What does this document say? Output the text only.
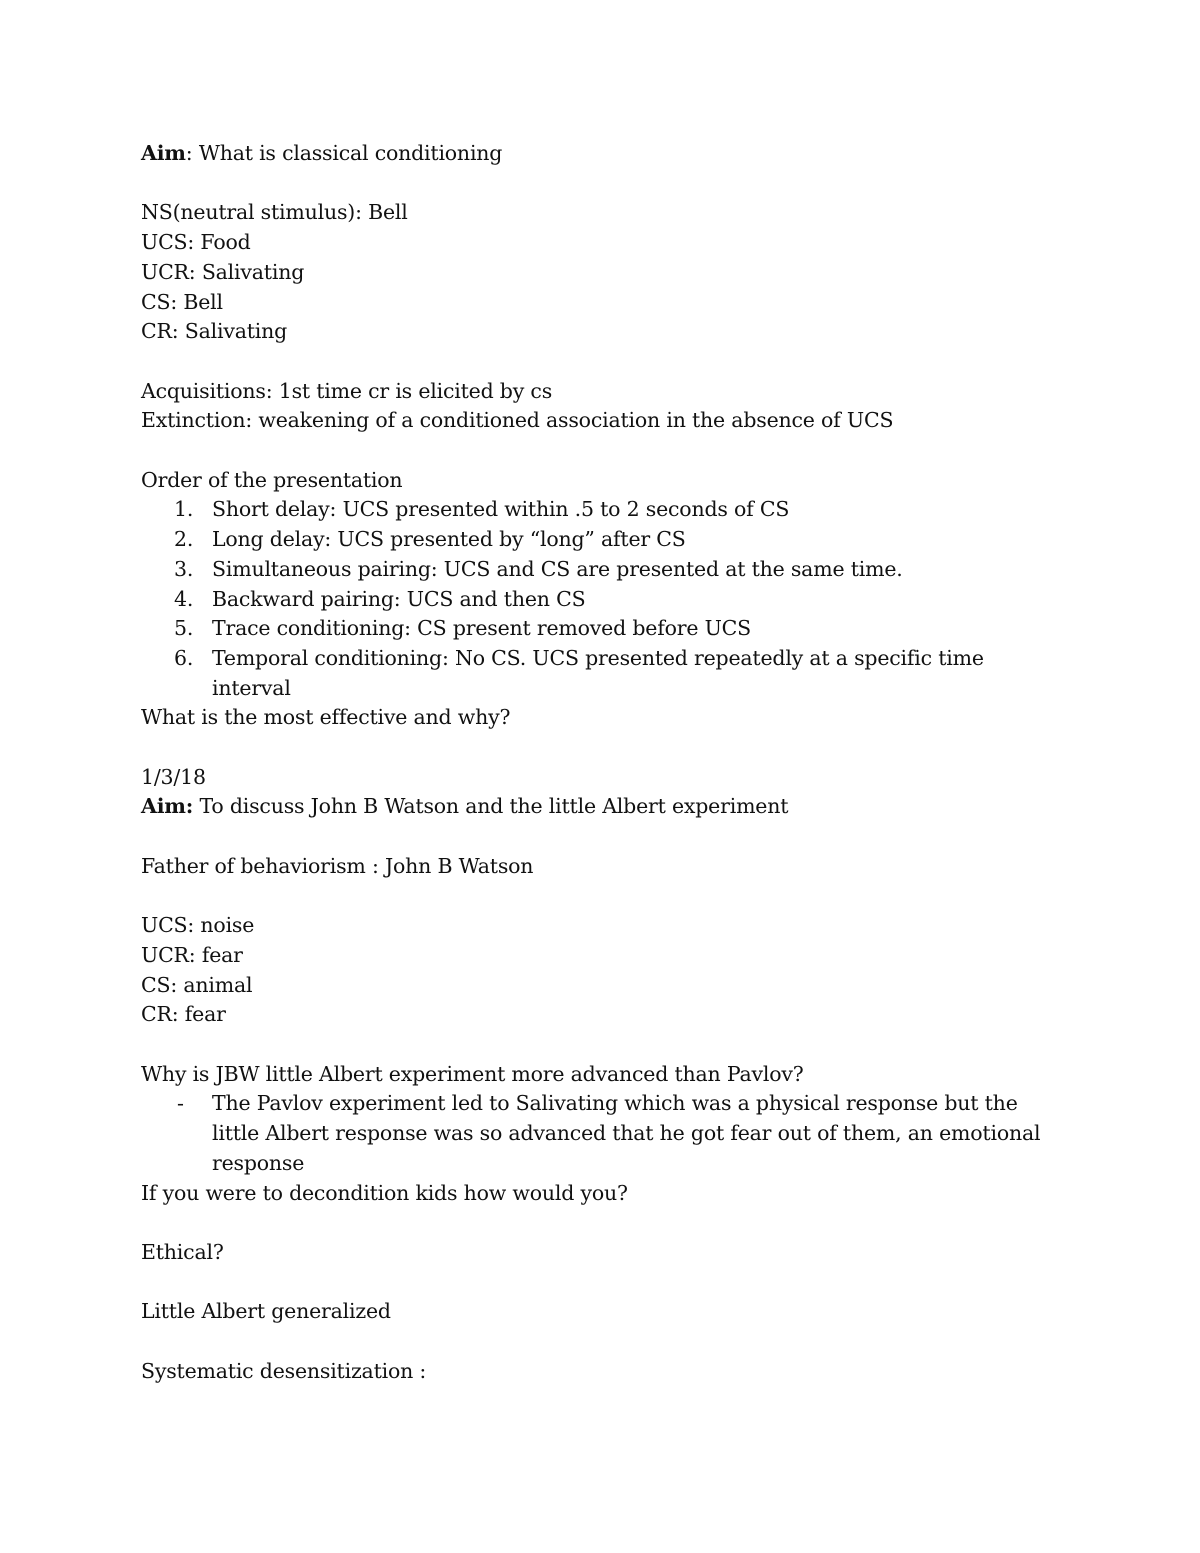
Aim: What is classical conditioning

NS(neutral stimulus): Bell

UCS: Food

UCR: Salivating

CS: Bell

CR: Salivating

Acquisitions: 1st time cr is elicited by cs

Extinction: weakening of a conditioned association in the absence of UCS

Order of the presentation

1. Short delay: UCS presented within .5 to 2 seconds of CS
2. Long delay: UCS presented by “long” after CS
3. Simultaneous pairing: UCS and CS are presented at the same time.
4. Backward pairing: UCS and then CS
5. Trace conditioning: CS present removed before UCS
6. Temporal conditioning: No CS. UCS presented repeatedly at a specific time interval

What is the most effective and why?

1/3/18

Aim: To discuss John B Watson and the little Albert experiment

Father of behaviorism : John B Watson

UCS: noise

UCR: fear

CS: animal

CR: fear

Why is JBW little Albert experiment more advanced than Pavlov?

- The Pavlov experiment led to Salivating which was a physical response but the little Albert response was so advanced that he got fear out of them, an emotional response

If you were to decondition kids how would you?

Ethical?

Little Albert generalized

Systematic desensitization :
